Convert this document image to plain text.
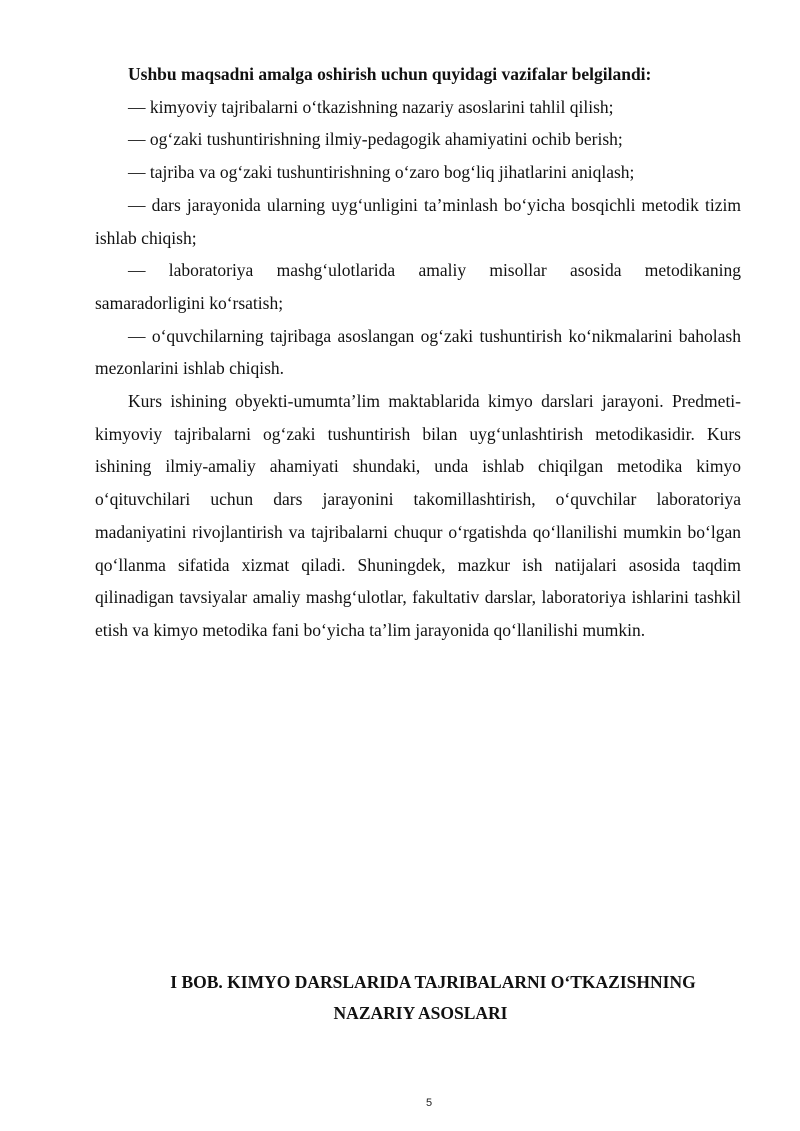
Ushbu maqsadni amalga oshirish uchun quyidagi vazifalar belgilandi:

— kimyoviy tajribalarni o‘tkazishning nazariy asoslarini tahlil qilish;

— og‘zaki tushuntirishning ilmiy-pedagogik ahamiyatini ochib berish;

— tajriba va og‘zaki tushuntirishning o‘zaro bog‘liq jihatlarini aniqlash;

— dars jarayonida ularning uyg‘unligini ta’minlash bo‘yicha bosqichli metodik tizim ishlab chiqish;

— laboratoriya mashg‘ulotlarida amaliy misollar asosida metodikaning samaradorligini ko‘rsatish;

— o‘quvchilarning tajribaga asoslangan og‘zaki tushuntirish ko‘nikmalarini baholash mezonlarini ishlab chiqish.

Kurs ishining obyekti-umumta’lim maktablarida kimyo darslari jarayoni. Predmeti-kimyoviy tajribalarni og‘zaki tushuntirish bilan uyg‘unlashtirish metodikasidir. Kurs ishining ilmiy-amaliy ahamiyati shundaki, unda ishlab chiqilgan metodika kimyo o‘qituvchilari uchun dars jarayonini takomillashtirish, o‘quvchilar laboratoriya madaniyatini rivojlantirish va tajribalarni chuqur o‘rgatishda qo‘llanilishi mumkin bo‘lgan qo‘llanma sifatida xizmat qiladi. Shuningdek, mazkur ish natijalari asosida taqdim qilinadigan tavsiyalar amaliy mashg‘ulotlar, fakultativ darslar, laboratoriya ishlarini tashkil etish va kimyo metodika fani bo‘yicha ta’lim jarayonida qo‘llanilishi mumkin.

I BOB. KIMYO DARSLARIDA TAJRIBALARNI O‘TKAZISHNING
NAZARIY ASOSLARI
5
